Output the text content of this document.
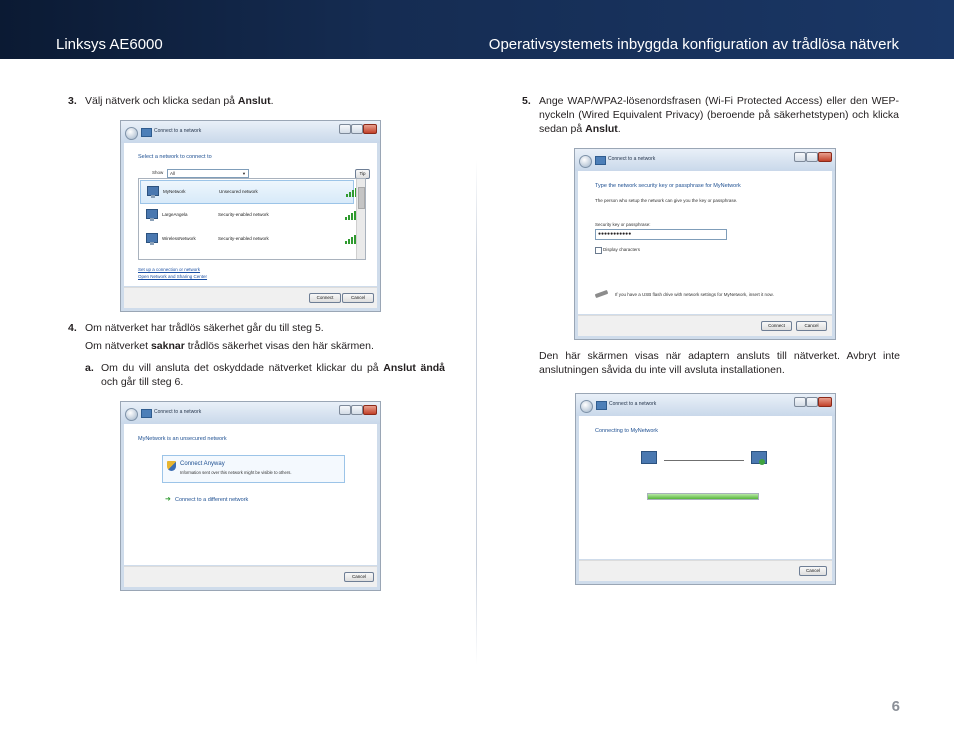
Linksys AE6000	Operativsystemets inbyggda konfiguration av trådlösa nätverk
3. Välj nätverk och klicka sedan på Anslut.
Connect to a network
Select a network to connect to
Show	All	▼	Tip
MyNetwork	Unsecured network
LargeAngela	Security-enabled network
WirelessNetwork	Security-enabled network
Set up a connection or network
Open Network and Sharing Center
Connect	Cancel
4. Om nätverket har trådlös säkerhet går du till steg 5.
Om nätverket saknar trådlös säkerhet visas den här skärmen.
a. Om du vill ansluta det oskyddade nätverket klickar du på Anslut ändå och går till steg 6.
Connect to a network
MyNetwork is an unsecured network
Connect Anyway
Information sent over this network might be visible to others.
➜ Connect to a different network
Cancel
5. Ange WAP/WPA2-lösenordsfrasen (Wi-Fi Protected Access) eller den WEP-nyckeln (Wired Equivalent Privacy) (beroende på säkerhetstypen) och klicka sedan på Anslut.
Connect to a network
Type the network security key or passphrase for MyNetwork
The person who setup the network can give you the key or passphrase.
Security key or passphrase:
●●●●●●●●●●●
Display characters
If you have a USB flash drive with network settings for MyNetwork, insert it now.
Connect	Cancel
Den här skärmen visas när adaptern ansluts till nätverket. Avbryt inte anslutningen såvida du inte vill avsluta installationen.
Connect to a network
Connecting to MyNetwork
Cancel
6
